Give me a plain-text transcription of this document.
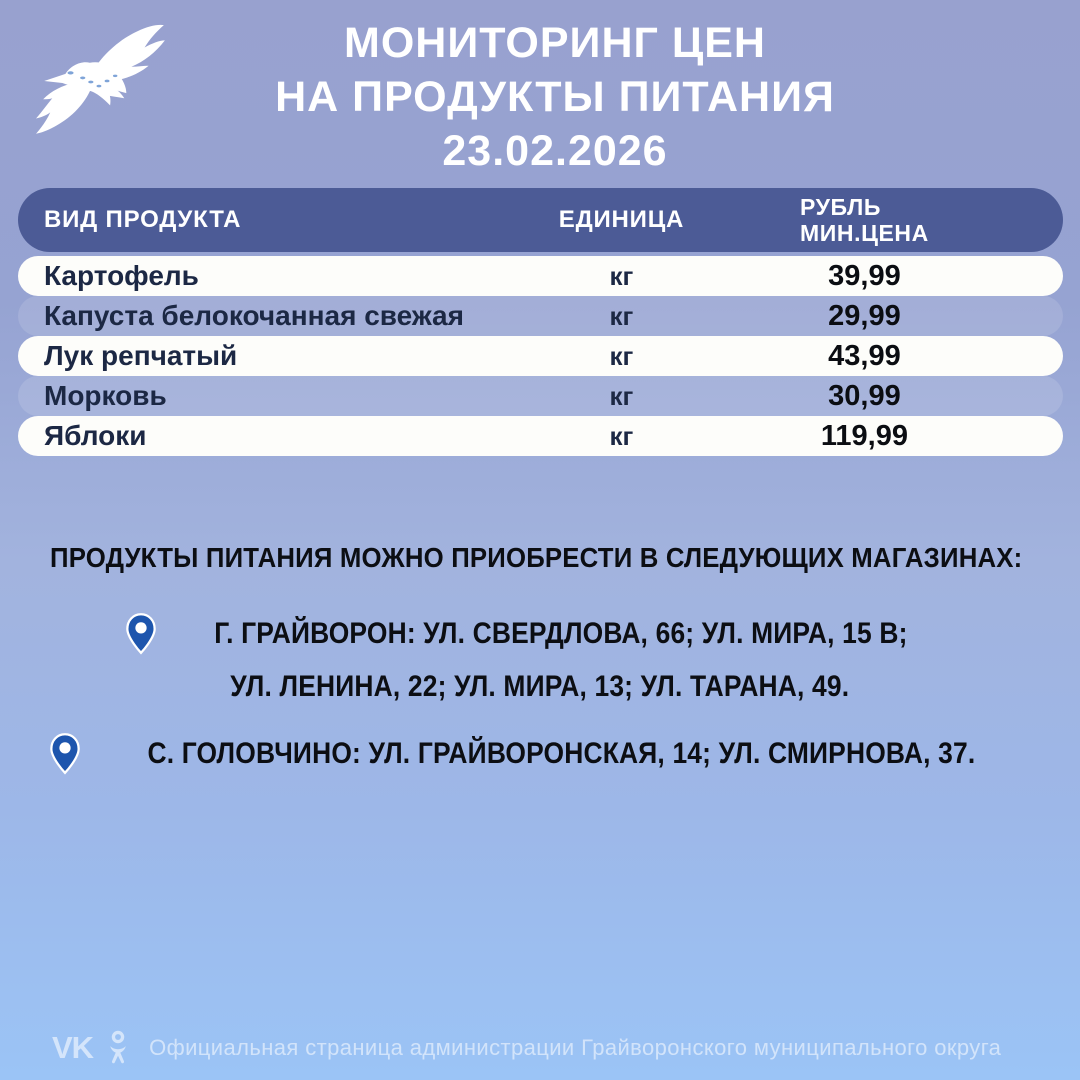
МОНИТОРИНГ ЦЕН
НА ПРОДУКТЫ ПИТАНИЯ
23.02.2026
ВИД ПРОДУКТА	ЕДИНИЦА	РУБЛЬ
МИН.ЦЕНА
Картофель	кг	39,99
Капуста белокочанная свежая	кг	29,99
Лук репчатый	кг	43,99
Морковь	кг	30,99
Яблоки	кг	119,99
ПРОДУКТЫ ПИТАНИЯ МОЖНО ПРИОБРЕСТИ В СЛЕДУЮЩИХ МАГАЗИНАХ:
Г. ГРАЙВОРОН: УЛ. СВЕРДЛОВА, 66; УЛ. МИРА, 15 В;
УЛ. ЛЕНИНА, 22; УЛ. МИРА, 13; УЛ. ТАРАНА, 49.
С. ГОЛОВЧИНО: УЛ. ГРАЙВОРОНСКАЯ, 14; УЛ. СМИРНОВА, 37.
VK	Официальная страница администрации Грайворонского муниципального округа
